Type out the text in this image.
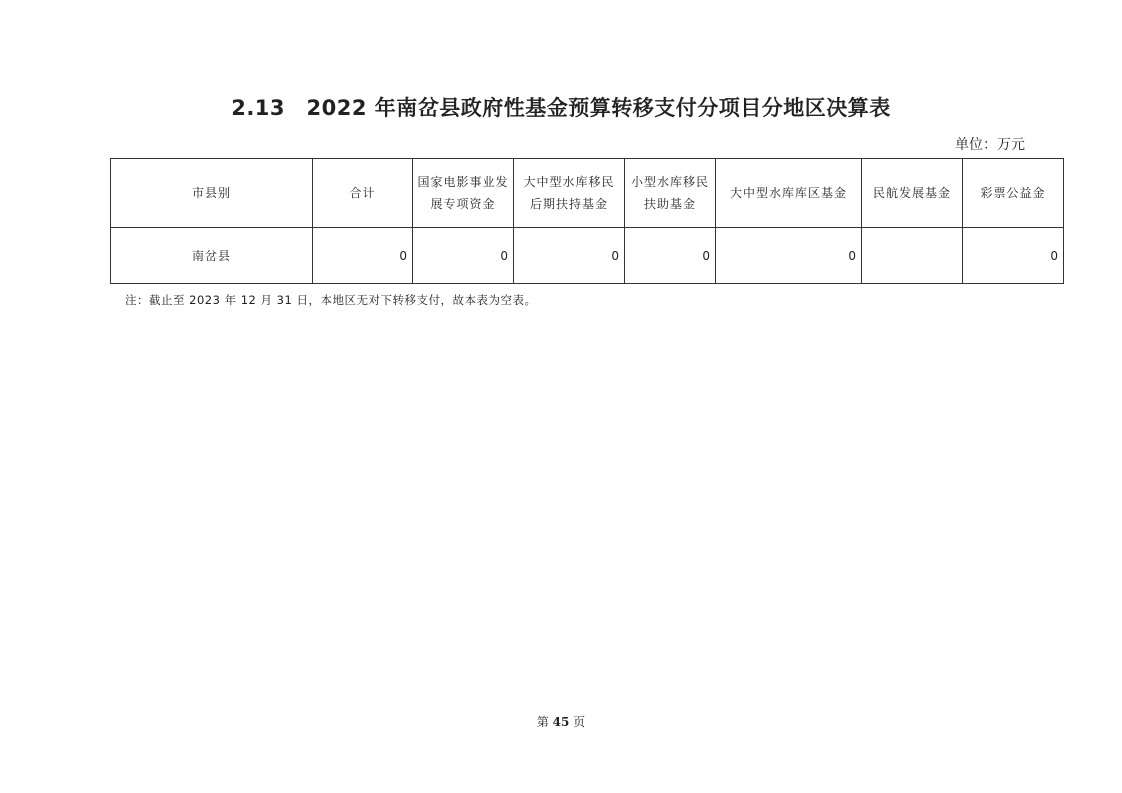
2.13　2022 年南岔县政府性基金预算转移支付分项目分地区决算表
单位：万元
市县别	合计	国家电影事业发展专项资金	大中型水库移民后期扶持基金	小型水库移民扶助基金	大中型水库库区基金	民航发展基金	彩票公益金
南岔县	0	0	0	0	0		0
注：截止至 2023 年 12 月 31 日，本地区无对下转移支付，故本表为空表。
第 45 页
